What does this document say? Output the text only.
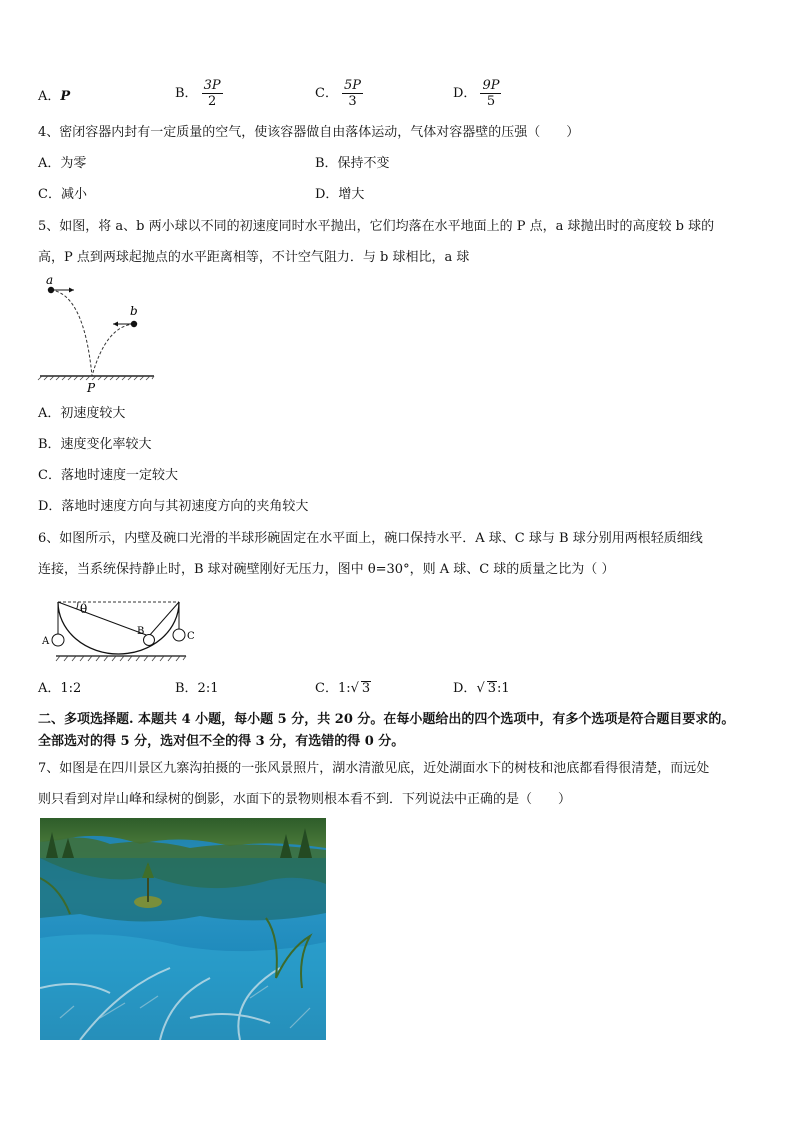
A．P	B． $\frac{3P}{2}$	C． $\frac{5P}{3}$	D． $\frac{9P}{5}$
4、密闭容器内封有一定质量的空气，使该容器做自由落体运动，气体对容器壁的压强（　　）
A．为零	B．保持不变
C．减小	D．增大
5、如图，将 a、b 两小球以不同的初速度同时水平抛出，它们均落在水平地面上的 P 点，a 球抛出时的高度较 b 球的
高，P 点到两球起抛点的水平距离相等，不计空气阻力．与 b 球相比，a 球
a
b
P
A．初速度较大
B．速度变化率较大
C．落地时速度一定较大
D．落地时速度方向与其初速度方向的夹角较大
6、如图所示，内壁及碗口光滑的半球形碗固定在水平面上，碗口保持水平．A 球、C 球与 B 球分别用两根轻质细线
连接，当系统保持静止时，B 球对碗壁刚好无压力，图中 θ=30°，则 A 球、C 球的质量之比为（ ）
θ
A
B	C
A．1:2	B．2:1	C．1:√ 3	D．√ 3:1
二、多项选择题. 本题共 4 小题，每小题 5 分，共 20 分。在每小题给出的四个选项中，有多个选项是符合题目要求的。
全部选对的得 5 分，选对但不全的得 3 分，有选错的得 0 分。
7、如图是在四川景区九寨沟拍摄的一张风景照片，湖水清澈见底，近处湖面水下的树枝和池底都看得很清楚，而远处
则只看到对岸山峰和绿树的倒影，水面下的景物则根本看不到．下列说法中正确的是（　　）
